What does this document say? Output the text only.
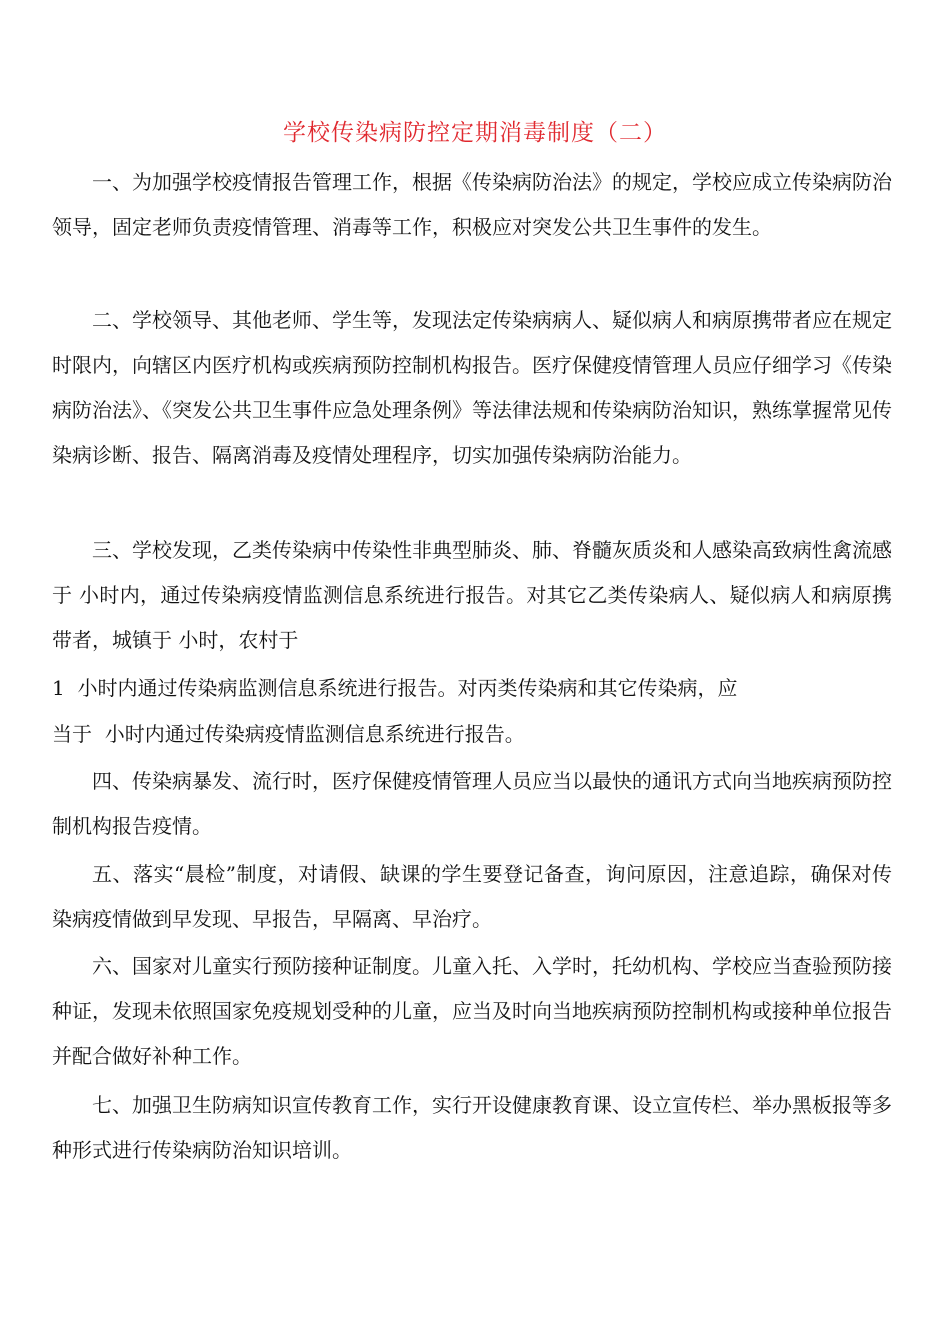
学校传染病防控定期消毒制度（二）

一、为加强学校疫情报告管理工作，根据《传染病防治法》的规定，学校应成立传染病防治领导，固定老师负责疫情管理、消毒等工作，积极应对突发公共卫生事件的发生。

二、学校领导、其他老师、学生等，发现法定传染病病人、疑似病人和病原携带者应在规定时限内，向辖区内医疗机构或疾病预防控制机构报告。医疗保健疫情管理人员应仔细学习《传染病防治法》、《突发公共卫生事件应急处理条例》等法律法规和传染病防治知识，熟练掌握常见传染病诊断、报告、隔离消毒及疫情处理程序，切实加强传染病防治能力。

三、学校发现，乙类传染病中传染性非典型肺炎、肺、脊髓灰质炎和人感染高致病性禽流感于 小时内，通过传染病疫情监测信息系统进行报告。对其它乙类传染病人、疑似病人和病原携带者，城镇于 小时，农村于

1  小时内通过传染病监测信息系统进行报告。对丙类传染病和其它传染病，应

当于  小时内通过传染病疫情监测信息系统进行报告。

四、传染病暴发、流行时，医疗保健疫情管理人员应当以最快的通讯方式向当地疾病预防控制机构报告疫情。

五、落实“晨检”制度，对请假、缺课的学生要登记备查，询问原因，注意追踪，确保对传染病疫情做到早发现、早报告，早隔离、早治疗。

六、国家对儿童实行预防接种证制度。儿童入托、入学时，托幼机构、学校应当查验预防接种证，发现未依照国家免疫规划受种的儿童，应当及时向当地疾病预防控制机构或接种单位报告并配合做好补种工作。

七、加强卫生防病知识宣传教育工作，实行开设健康教育课、设立宣传栏、举办黑板报等多种形式进行传染病防治知识培训。
